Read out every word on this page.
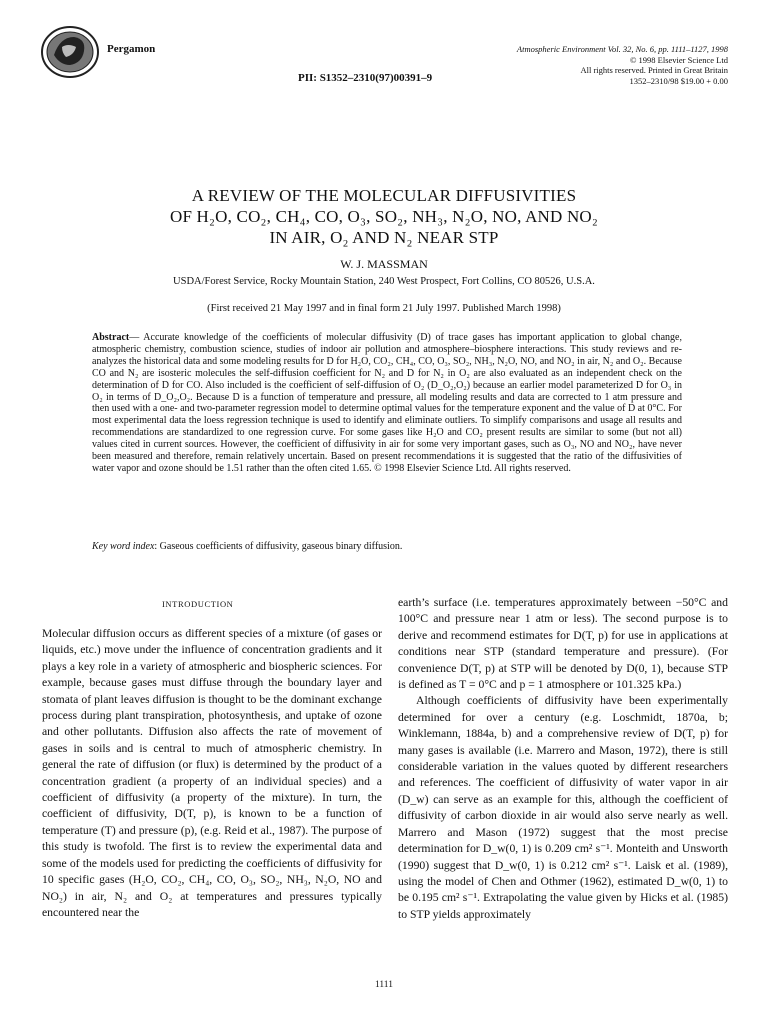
Pergamon	Atmospheric Environment Vol. 32, No. 6, pp. 1111–1127, 1998
© 1998 Elsevier Science Ltd
All rights reserved. Printed in Great Britain
1352–2310/98 $19.00 + 0.00
PII: S1352–2310(97)00391–9
A REVIEW OF THE MOLECULAR DIFFUSIVITIES
OF H₂O, CO₂, CH₄, CO, O₃, SO₂, NH₃, N₂O, NO, AND NO₂
IN AIR, O₂ AND N₂ NEAR STP
W. J. MASSMAN
USDA/Forest Service, Rocky Mountain Station, 240 West Prospect, Fort Collins, CO 80526, U.S.A.
(First received 21 May 1997 and in final form 21 July 1997. Published March 1998)
Abstract— Accurate knowledge of the coefficients of molecular diffusivity (D) of trace gases has important application to global change, atmospheric chemistry, combustion science, studies of indoor air pollution and atmosphere–biosphere interactions. This study reviews and re-analyzes the historical data and some modeling results for D for H₂O, CO₂, CH₄, CO, O₃, SO₂, NH₃, N₂O, NO, and NO₂ in air, N₂ and O₂. Because CO and N₂ are isosteric molecules the self-diffusion coefficient for N₂ and D for N₂ in O₂ are also evaluated as an independent check on the determination of D for CO. Also included is the coefficient of self-diffusion of O₂ (D_O₂,O₂) because an earlier model parameterized D for O₃ in O₂ in terms of D_O₂,O₂. Because D is a function of temperature and pressure, all modeling results and data are corrected to 1 atm pressure and then used with a one- and two-parameter regression model to determine optimal values for the temperature exponent and the value of D at 0°C. For most experimental data the loess regression technique is used to identify and eliminate outliers. To simplify comparisons and usage all results and recommendations are standardized to one regression curve. For some gases like H₂O and CO₂ present results are similar to some (but not all) values cited in current sources. However, the coefficient of diffusivity in air for some very important gases, such as O₃, NO and NO₂, have never been measured and therefore, remain relatively uncertain. Based on present recommendations it is suggested that the ratio of the diffusivities of water vapor and ozone should be 1.51 rather than the often cited 1.65. © 1998 Elsevier Science Ltd. All rights reserved.
Key word index: Gaseous coefficients of diffusivity, gaseous binary diffusion.
INTRODUCTION
Molecular diffusion occurs as different species of a mixture (of gases or liquids, etc.) move under the influence of concentration gradients and it plays a key role in a variety of atmospheric and biospheric sciences. For example, because gases must diffuse through the boundary layer and stomata of plant leaves diffusion is thought to be the dominant exchange process during plant transpiration, photosynthesis, and uptake of ozone and other pollutants. Diffusion also affects the rate of movement of gases in soils and is central to much of atmospheric chemistry. In general the rate of diffusion (or flux) is determined by the product of a concentration gradient (a property of an individual species) and a coefficient of diffusivity (a property of the mixture). In turn, the coefficient of diffusivity, D(T, p), is known to be a function of temperature (T) and pressure (p), (e.g. Reid et al., 1987). The purpose of this study is twofold. The first is to review the experimental data and some of the models used for predicting the coefficients of diffusivity for 10 specific gases (H₂O, CO₂, CH₄, CO, O₃, SO₂, NH₃, N₂O, NO and NO₂) in air, N₂ and O₂ at temperatures and pressures typically encountered near the

earth’s surface (i.e. temperatures approximately between −50°C and 100°C and pressure near 1 atm or less). The second purpose is to derive and recommend estimates for D(T, p) for use in applications at conditions near STP (standard temperature and pressure). (For convenience D(T, p) at STP will be denoted by D(0, 1), because STP is defined as T = 0°C and p = 1 atmosphere or 101.325 kPa.)

Although coefficients of diffusivity have been experimentally determined for over a century (e.g. Loschmidt, 1870a, b; Winklemann, 1884a, b) and a comprehensive review of D(T, p) for many gases is available (i.e. Marrero and Mason, 1972), there is still considerable variation in the values quoted by different researchers and references. The coefficient of diffusivity of water vapor in air (D_w) can serve as an example for this, although the coefficient of diffusivity of carbon dioxide in air would also serve nearly as well. Marrero and Mason (1972) suggest that the most precise determination for D_w(0, 1) is 0.209 cm² s⁻¹. Monteith and Unsworth (1990) suggest that D_w(0, 1) is 0.212 cm² s⁻¹. Laisk et al. (1989), using the model of Chen and Othmer (1962), estimated D_w(0, 1) to be 0.195 cm² s⁻¹. Extrapolating the value given by Hicks et al. (1985) to STP yields approximately

1111
